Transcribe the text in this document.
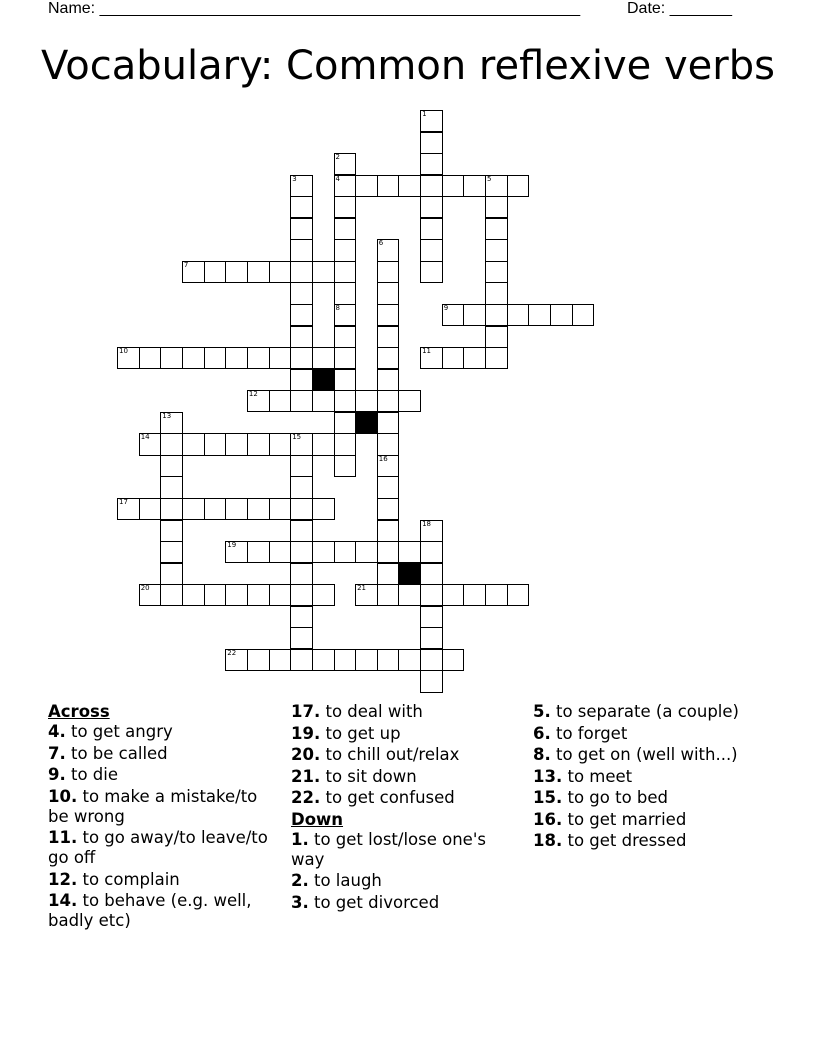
Name: ______________________________________________________	Date: _______
Vocabulary: Common reflexive verbs
1
2
4
8
3	5
6
16
7
9
10	11
12
13
14	15
17
18
19
20	21
22
Across
4. to get angry
7. to be called
9. to die
10. to make a mistake/to be wrong
11. to go away/to leave/to go off
12. to complain
14. to behave (e.g. well, badly etc)
17. to deal with
19. to get up
20. to chill out/relax
21. to sit down
22. to get confused
Down
1. to get lost/lose one's way
2. to laugh
3. to get divorced
5. to separate (a couple)
6. to forget
8. to get on (well with...)
13. to meet
15. to go to bed
16. to get married
18. to get dressed
